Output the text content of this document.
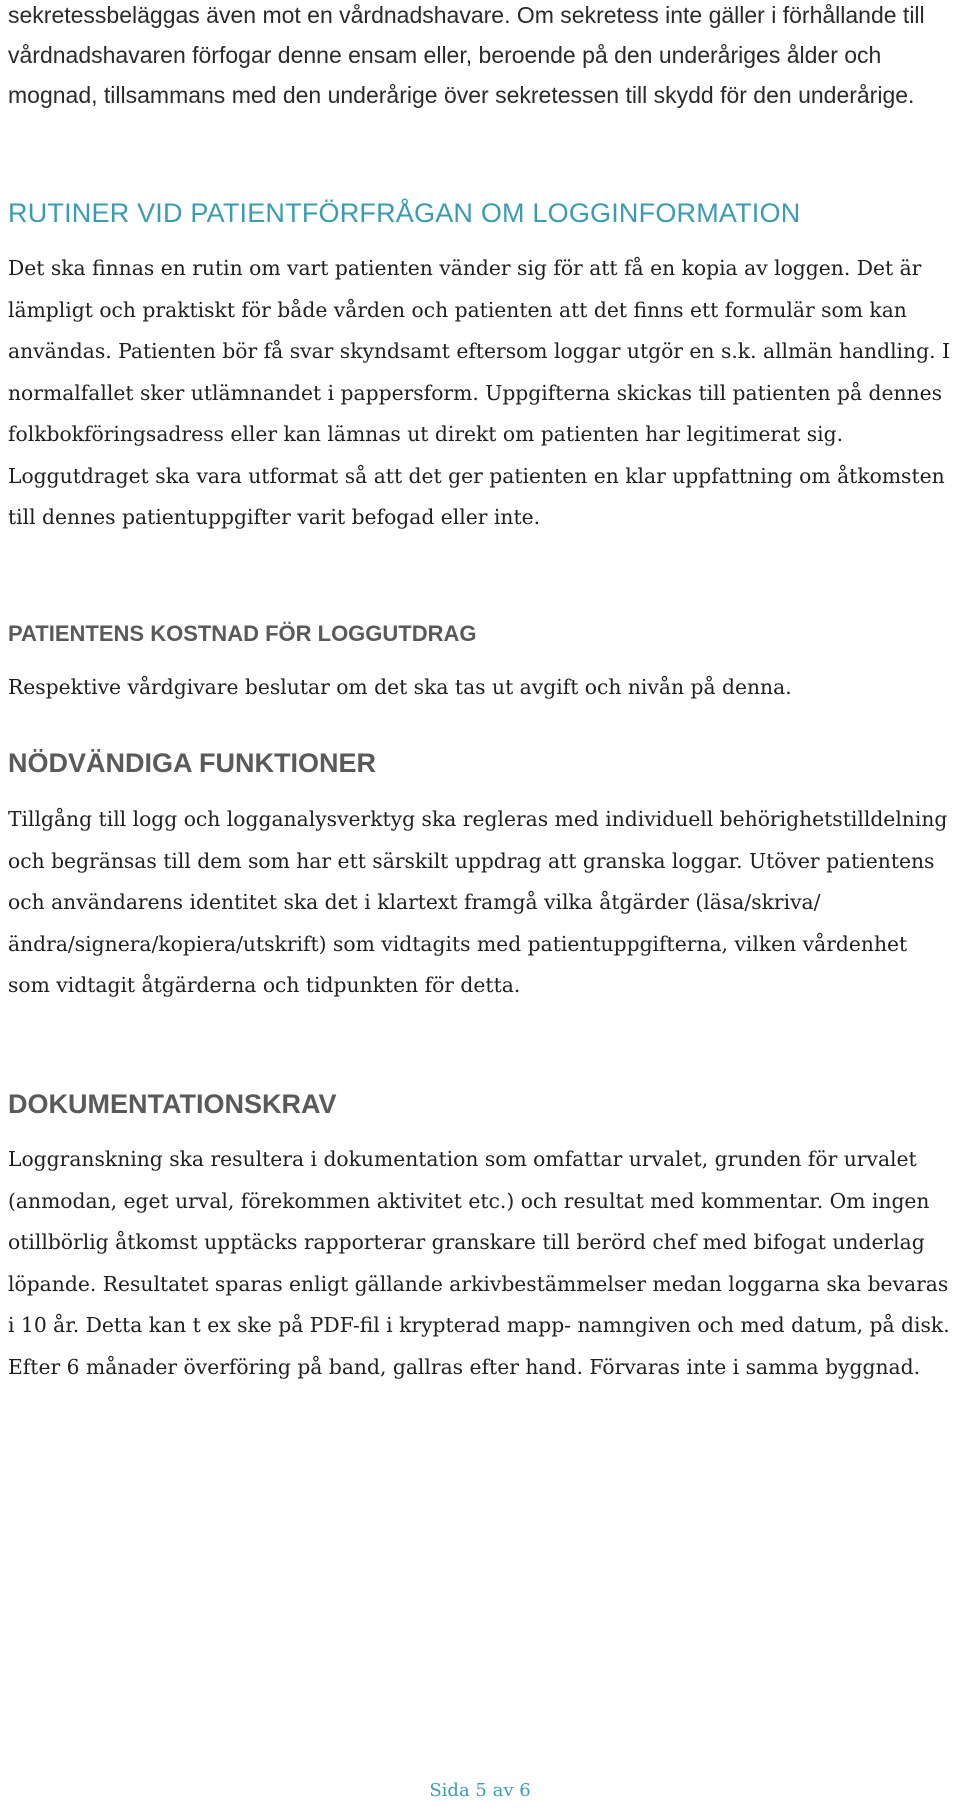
sekretessbeläggas även mot en vårdnadshavare. Om sekretess inte gäller i förhållande till vårdnadshavaren förfogar denne ensam eller, beroende på den underåriges ålder och mognad, tillsammans med den underårige över sekretessen till skydd för den underårige.

RUTINER VID PATIENTFÖRFRÅGAN OM LOGGINFORMATION

Det ska finnas en rutin om vart patienten vänder sig för att få en kopia av loggen. Det är lämpligt och praktiskt för både vården och patienten att det finns ett formulär som kan användas. Patienten bör få svar skyndsamt eftersom loggar utgör en s.k. allmän handling. I normalfallet sker utlämnandet i pappersform. Uppgifterna skickas till patienten på dennes folkbokföringsadress eller kan lämnas ut direkt om patienten har legitimerat sig. Loggutdraget ska vara utformat så att det ger patienten en klar uppfattning om åtkomsten till dennes patientuppgifter varit befogad eller inte.

PATIENTENS KOSTNAD FÖR LOGGUTDRAG

Respektive vårdgivare beslutar om det ska tas ut avgift och nivån på denna.

NÖDVÄNDIGA FUNKTIONER

Tillgång till logg och logganalysverktyg ska regleras med individuell behörighetstilldelning och begränsas till dem som har ett särskilt uppdrag att granska loggar. Utöver patientens och användarens identitet ska det i klartext framgå vilka åtgärder (läsa/skriva/ändra/signera/kopiera/utskrift) som vidtagits med patientuppgifterna, vilken vårdenhet som vidtagit åtgärderna och tidpunkten för detta.

DOKUMENTATIONSKRAV

Loggranskning ska resultera i dokumentation som omfattar urvalet, grunden för urvalet (anmodan, eget urval, förekommen aktivitet etc.) och resultat med kommentar. Om ingen otillbörlig åtkomst upptäcks rapporterar granskare till berörd chef med bifogat underlag löpande. Resultatet sparas enligt gällande arkivbestämmelser medan loggarna ska bevaras i 10 år. Detta kan t ex ske på PDF-fil i krypterad mapp- namngiven och med datum, på disk. Efter 6 månader överföring på band, gallras efter hand. Förvaras inte i samma byggnad.

Sida 5 av 6
